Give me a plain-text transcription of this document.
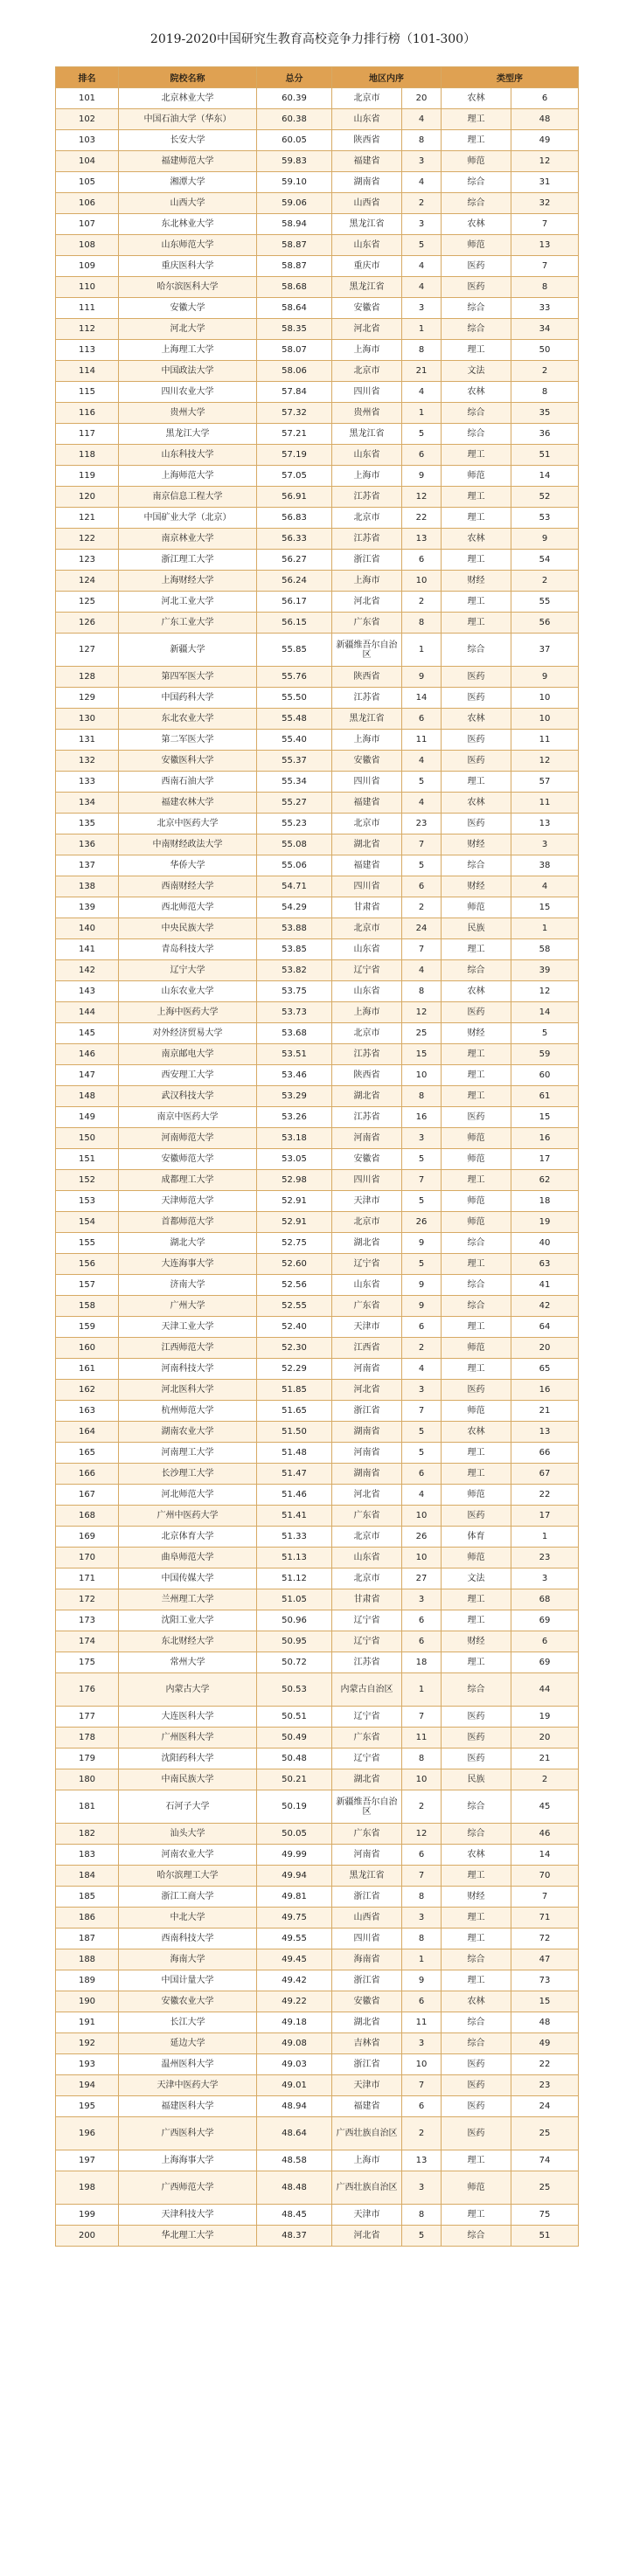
2019-2020中国研究生教育高校竞争力排行榜（101-300）
排名	院校名称	总分	地区内序		类型序	
101	北京林业大学	60.39	北京市	20	农林	6
102	中国石油大学（华东）	60.38	山东省	4	理工	48
103	长安大学	60.05	陕西省	8	理工	49
104	福建师范大学	59.83	福建省	3	师范	12
105	湘潭大学	59.10	湖南省	4	综合	31
106	山西大学	59.06	山西省	2	综合	32
107	东北林业大学	58.94	黑龙江省	3	农林	7
108	山东师范大学	58.87	山东省	5	师范	13
109	重庆医科大学	58.87	重庆市	4	医药	7
110	哈尔滨医科大学	58.68	黑龙江省	4	医药	8
111	安徽大学	58.64	安徽省	3	综合	33
112	河北大学	58.35	河北省	1	综合	34
113	上海理工大学	58.07	上海市	8	理工	50
114	中国政法大学	58.06	北京市	21	文法	2
115	四川农业大学	57.84	四川省	4	农林	8
116	贵州大学	57.32	贵州省	1	综合	35
117	黑龙江大学	57.21	黑龙江省	5	综合	36
118	山东科技大学	57.19	山东省	6	理工	51
119	上海师范大学	57.05	上海市	9	师范	14
120	南京信息工程大学	56.91	江苏省	12	理工	52
121	中国矿业大学（北京）	56.83	北京市	22	理工	53
122	南京林业大学	56.33	江苏省	13	农林	9
123	浙江理工大学	56.27	浙江省	6	理工	54
124	上海财经大学	56.24	上海市	10	财经	2
125	河北工业大学	56.17	河北省	2	理工	55
126	广东工业大学	56.15	广东省	8	理工	56
127	新疆大学	55.85	新疆维吾尔自治区	1	综合	37
128	第四军医大学	55.76	陕西省	9	医药	9
129	中国药科大学	55.50	江苏省	14	医药	10
130	东北农业大学	55.48	黑龙江省	6	农林	10
131	第二军医大学	55.40	上海市	11	医药	11
132	安徽医科大学	55.37	安徽省	4	医药	12
133	西南石油大学	55.34	四川省	5	理工	57
134	福建农林大学	55.27	福建省	4	农林	11
135	北京中医药大学	55.23	北京市	23	医药	13
136	中南财经政法大学	55.08	湖北省	7	财经	3
137	华侨大学	55.06	福建省	5	综合	38
138	西南财经大学	54.71	四川省	6	财经	4
139	西北师范大学	54.29	甘肃省	2	师范	15
140	中央民族大学	53.88	北京市	24	民族	1
141	青岛科技大学	53.85	山东省	7	理工	58
142	辽宁大学	53.82	辽宁省	4	综合	39
143	山东农业大学	53.75	山东省	8	农林	12
144	上海中医药大学	53.73	上海市	12	医药	14
145	对外经济贸易大学	53.68	北京市	25	财经	5
146	南京邮电大学	53.51	江苏省	15	理工	59
147	西安理工大学	53.46	陕西省	10	理工	60
148	武汉科技大学	53.29	湖北省	8	理工	61
149	南京中医药大学	53.26	江苏省	16	医药	15
150	河南师范大学	53.18	河南省	3	师范	16
151	安徽师范大学	53.05	安徽省	5	师范	17
152	成都理工大学	52.98	四川省	7	理工	62
153	天津师范大学	52.91	天津市	5	师范	18
154	首都师范大学	52.91	北京市	26	师范	19
155	湖北大学	52.75	湖北省	9	综合	40
156	大连海事大学	52.60	辽宁省	5	理工	63
157	济南大学	52.56	山东省	9	综合	41
158	广州大学	52.55	广东省	9	综合	42
159	天津工业大学	52.40	天津市	6	理工	64
160	江西师范大学	52.30	江西省	2	师范	20
161	河南科技大学	52.29	河南省	4	理工	65
162	河北医科大学	51.85	河北省	3	医药	16
163	杭州师范大学	51.65	浙江省	7	师范	21
164	湖南农业大学	51.50	湖南省	5	农林	13
165	河南理工大学	51.48	河南省	5	理工	66
166	长沙理工大学	51.47	湖南省	6	理工	67
167	河北师范大学	51.46	河北省	4	师范	22
168	广州中医药大学	51.41	广东省	10	医药	17
169	北京体育大学	51.33	北京市	26	体育	1
170	曲阜师范大学	51.13	山东省	10	师范	23
171	中国传媒大学	51.12	北京市	27	文法	3
172	兰州理工大学	51.05	甘肃省	3	理工	68
173	沈阳工业大学	50.96	辽宁省	6	理工	69
174	东北财经大学	50.95	辽宁省	6	财经	6
175	常州大学	50.72	江苏省	18	理工	69
176	内蒙古大学	50.53	内蒙古自治区	1	综合	44
177	大连医科大学	50.51	辽宁省	7	医药	19
178	广州医科大学	50.49	广东省	11	医药	20
179	沈阳药科大学	50.48	辽宁省	8	医药	21
180	中南民族大学	50.21	湖北省	10	民族	2
181	石河子大学	50.19	新疆维吾尔自治区	2	综合	45
182	汕头大学	50.05	广东省	12	综合	46
183	河南农业大学	49.99	河南省	6	农林	14
184	哈尔滨理工大学	49.94	黑龙江省	7	理工	70
185	浙江工商大学	49.81	浙江省	8	财经	7
186	中北大学	49.75	山西省	3	理工	71
187	西南科技大学	49.55	四川省	8	理工	72
188	海南大学	49.45	海南省	1	综合	47
189	中国计量大学	49.42	浙江省	9	理工	73
190	安徽农业大学	49.22	安徽省	6	农林	15
191	长江大学	49.18	湖北省	11	综合	48
192	延边大学	49.08	吉林省	3	综合	49
193	温州医科大学	49.03	浙江省	10	医药	22
194	天津中医药大学	49.01	天津市	7	医药	23
195	福建医科大学	48.94	福建省	6	医药	24
196	广西医科大学	48.64	广西壮族自治区	2	医药	25
197	上海海事大学	48.58	上海市	13	理工	74
198	广西师范大学	48.48	广西壮族自治区	3	师范	25
199	天津科技大学	48.45	天津市	8	理工	75
200	华北理工大学	48.37	河北省	5	综合	51
